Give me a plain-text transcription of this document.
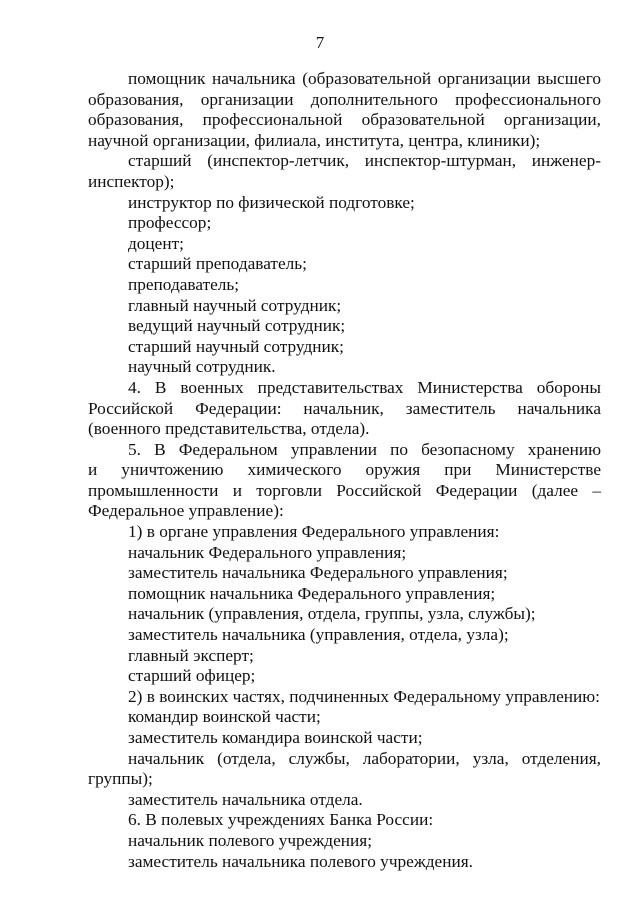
7
помощник начальника (образовательной организации высшего
образования, организации дополнительного профессионального
образования, профессиональной образовательной организации,
научной организации, филиала, института, центра, клиники);
старший (инспектор-летчик, инспектор-штурман, инженер-
инспектор);
инструктор по физической подготовке;
профессор;
доцент;
старший преподаватель;
преподаватель;
главный научный сотрудник;
ведущий научный сотрудник;
старший научный сотрудник;
научный сотрудник.
4. В военных представительствах Министерства обороны
Российской Федерации: начальник, заместитель начальника
(военного представительства, отдела).
5. В Федеральном управлении по безопасному хранению
и уничтожению химического оружия при Министерстве
промышленности и торговли Российской Федерации (далее –
Федеральное управление):
1) в органе управления Федерального управления:
начальник Федерального управления;
заместитель начальника Федерального управления;
помощник начальника Федерального управления;
начальник (управления, отдела, группы, узла, службы);
заместитель начальника (управления, отдела, узла);
главный эксперт;
старший офицер;
2) в воинских частях, подчиненных Федеральному управлению:
командир воинской части;
заместитель командира воинской части;
начальник (отдела, службы, лаборатории, узла, отделения,
группы);
заместитель начальника отдела.
6. В полевых учреждениях Банка России:
начальник полевого учреждения;
заместитель начальника полевого учреждения.
